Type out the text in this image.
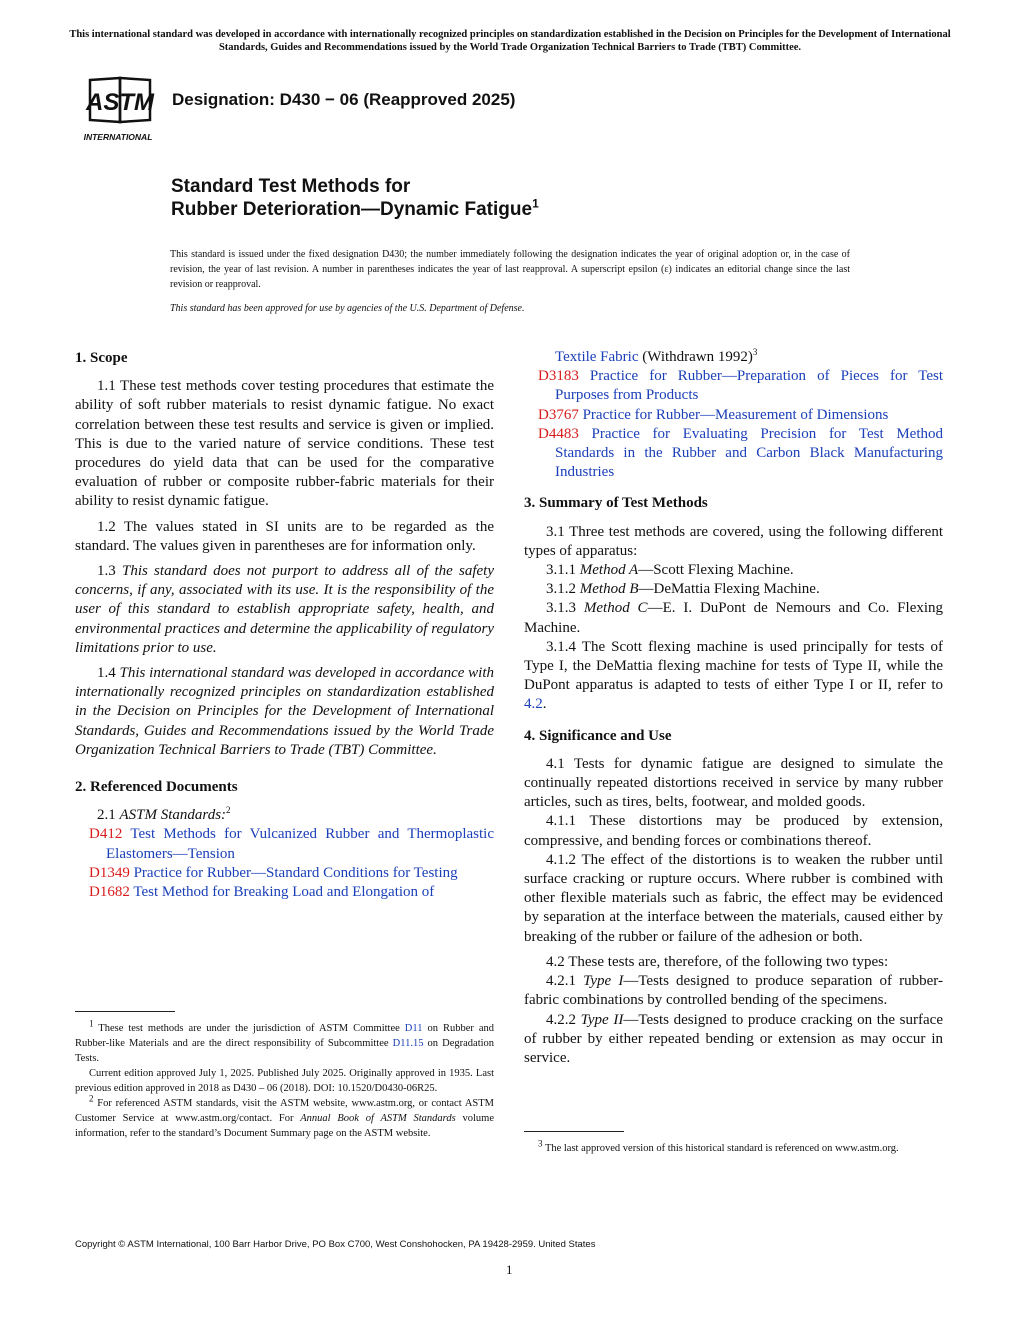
This international standard was developed in accordance with internationally recognized principles on standardization established in the Decision on Principles for the Development of International Standards, Guides and Recommendations issued by the World Trade Organization Technical Barriers to Trade (TBT) Committee.
ASTM
INTERNATIONAL
Designation: D430 − 06 (Reapproved 2025)
Standard Test Methods for
Rubber Deterioration—Dynamic Fatigue$^1$
This standard is issued under the fixed designation D430; the number immediately following the designation indicates the year of original adoption or, in the case of revision, the year of last revision. A number in parentheses indicates the year of last reapproval. A superscript epsilon (ε) indicates an editorial change since the last revision or reapproval.
This standard has been approved for use by agencies of the U.S. Department of Defense.
1. Scope

1.1 These test methods cover testing procedures that estimate the ability of soft rubber materials to resist dynamic fatigue. No exact correlation between these test results and service is given or implied. This is due to the varied nature of service conditions. These test procedures do yield data that can be used for the comparative evaluation of rubber or composite rubber-fabric materials for their ability to resist dynamic fatigue.

1.2 The values stated in SI units are to be regarded as the standard. The values given in parentheses are for information only.

1.3 This standard does not purport to address all of the safety concerns, if any, associated with its use. It is the responsibility of the user of this standard to establish appropriate safety, health, and environmental practices and determine the applicability of regulatory limitations prior to use.

1.4 This international standard was developed in accordance with internationally recognized principles on standardization established in the Decision on Principles for the Development of International Standards, Guides and Recommendations issued by the World Trade Organization Technical Barriers to Trade (TBT) Committee.

2. Referenced Documents

2.1 ASTM Standards:$^2$

D412 Test Methods for Vulcanized Rubber and Thermoplastic Elastomers—Tension

D1349 Practice for Rubber—Standard Conditions for Testing

D1682 Test Method for Breaking Load and Elongation of

$^1$ These test methods are under the jurisdiction of ASTM Committee D11 on Rubber and Rubber-like Materials and are the direct responsibility of Subcommittee D11.15 on Degradation Tests.

Current edition approved July 1, 2025. Published July 2025. Originally approved in 1935. Last previous edition approved in 2018 as D430 – 06 (2018). DOI: 10.1520/D0430-06R25.

$^2$ For referenced ASTM standards, visit the ASTM website, www.astm.org, or contact ASTM Customer Service at www.astm.org/contact. For Annual Book of ASTM Standards volume information, refer to the standard’s Document Summary page on the ASTM website.

Textile Fabric (Withdrawn 1992)$^3$

D3183 Practice for Rubber—Preparation of Pieces for Test Purposes from Products

D3767 Practice for Rubber—Measurement of Dimensions

D4483 Practice for Evaluating Precision for Test Method Standards in the Rubber and Carbon Black Manufacturing Industries

3. Summary of Test Methods

3.1 Three test methods are covered, using the following different types of apparatus:

3.1.1 Method A—Scott Flexing Machine.

3.1.2 Method B—DeMattia Flexing Machine.

3.1.3 Method C—E. I. DuPont de Nemours and Co. Flexing Machine.

3.1.4 The Scott flexing machine is used principally for tests of Type I, the DeMattia flexing machine for tests of Type II, while the DuPont apparatus is adapted to tests of either Type I or II, refer to 4.2.

4. Significance and Use

4.1 Tests for dynamic fatigue are designed to simulate the continually repeated distortions received in service by many rubber articles, such as tires, belts, footwear, and molded goods.

4.1.1 These distortions may be produced by extension, compressive, and bending forces or combinations thereof.

4.1.2 The effect of the distortions is to weaken the rubber until surface cracking or rupture occurs. Where rubber is combined with other flexible materials such as fabric, the effect may be evidenced by separation at the interface between the materials, caused either by breaking of the rubber or failure of the adhesion or both.

4.2 These tests are, therefore, of the following two types:

4.2.1 Type I—Tests designed to produce separation of rubber-fabric combinations by controlled bending of the specimens.

4.2.2 Type II—Tests designed to produce cracking on the surface of rubber by either repeated bending or extension as may occur in service.

$^3$ The last approved version of this historical standard is referenced on www.astm.org.

Copyright © ASTM International, 100 Barr Harbor Drive, PO Box C700, West Conshohocken, PA 19428-2959. United States
1
